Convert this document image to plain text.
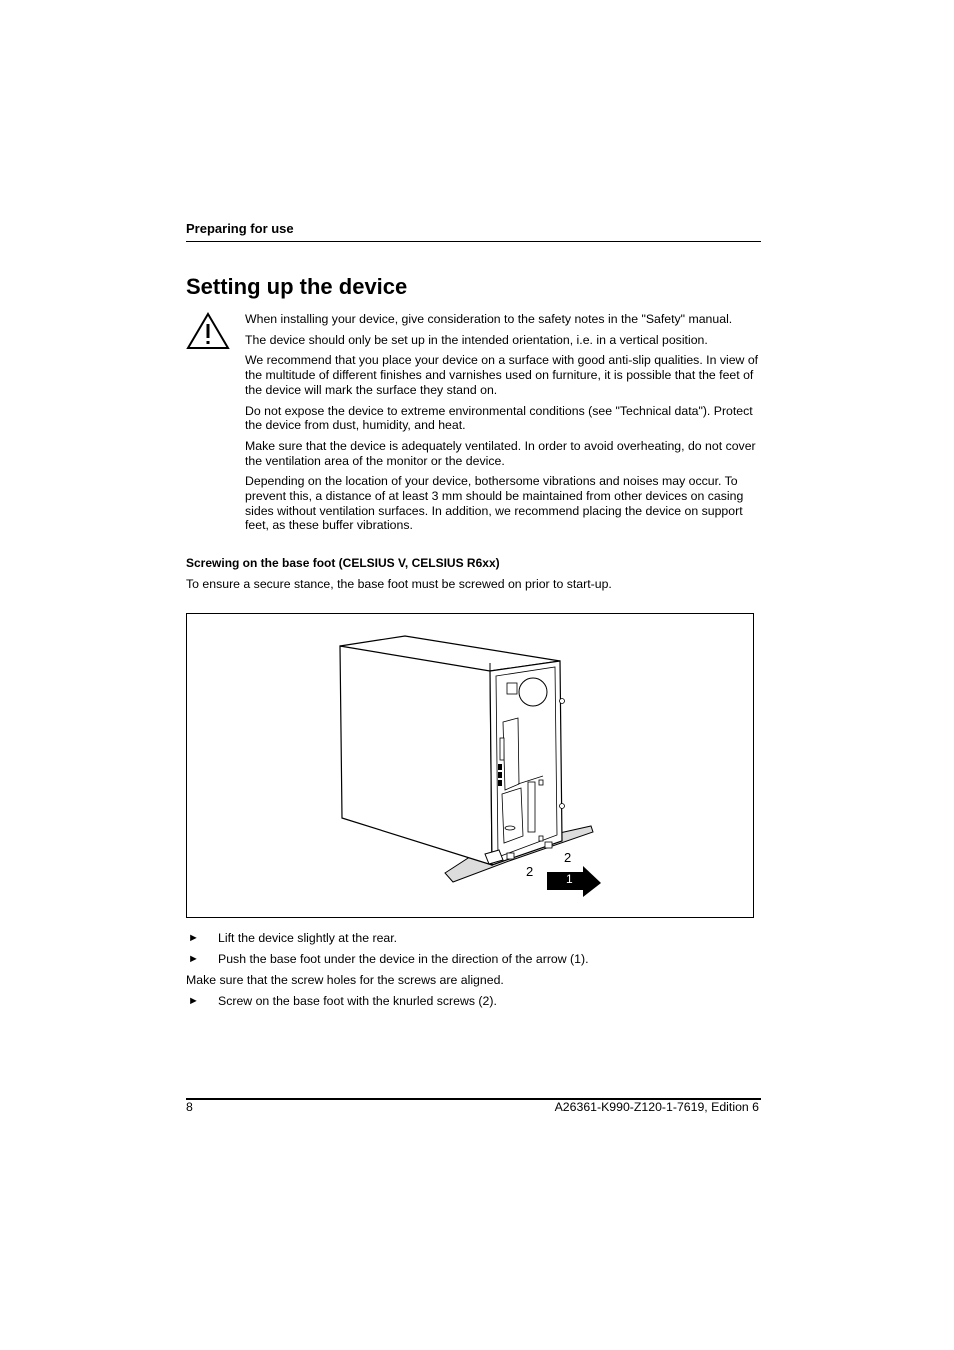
Preparing for use
Setting up the device

When installing your device, give consideration to the safety notes in the "Safety" manual.

The device should only be set up in the intended orientation, i.e. in a vertical position.

We recommend that you place your device on a surface with good anti-slip qualities. In view of the multitude of different finishes and varnishes used on furniture, it is possible that the feet of the device will mark the surface they stand on.

Do not expose the device to extreme environmental conditions (see "Technical data"). Protect the device from dust, humidity, and heat.

Make sure that the device is adequately ventilated. In order to avoid overheating, do not cover the ventilation area of the monitor or the device.

Depending on the location of your device, bothersome vibrations and noises may occur. To prevent this, a distance of at least 3 mm should be maintained from other devices on casing sides without ventilation surfaces. In addition, we recommend placing the device on support feet, as these buffer vibrations.

Screwing on the base foot (CELSIUS V, CELSIUS R6xx)
To ensure a secure stance, the base foot must be screwed on prior to start-up.
2
2	1
► Lift the device slightly at the rear.
► Push the base foot under the device in the direction of the arrow (1).
Make sure that the screw holes for the screws are aligned.
► Screw on the base foot with the knurled screws (2).
8	A26361-K990-Z120-1-7619, Edition 6
